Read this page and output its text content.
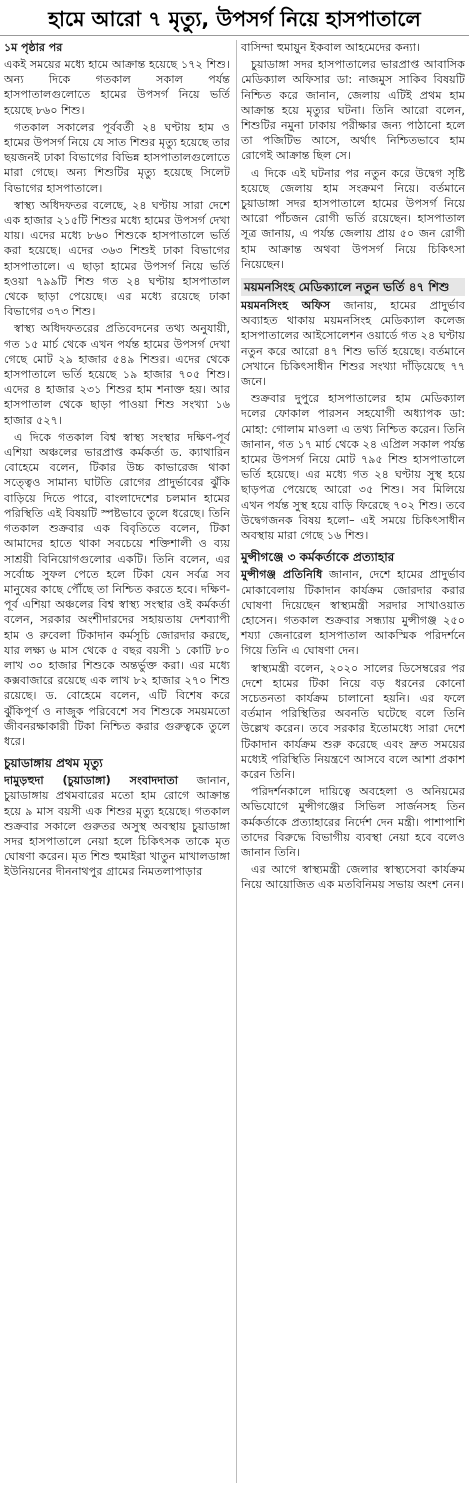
হামে আরো ৭ মৃত্যু, উপসর্গ নিয়ে হাসপাতালে
১ম পৃষ্ঠার পর

একই সময়ের মধ্যে হামে আক্রান্ত হয়েছে ১৭২ শিশু। অন্য দিকে গতকাল সকাল পর্যন্ত হাসপাতালগুলোতে হামের উপসর্গ নিয়ে ভর্তি হয়েছে ৮৬০ শিশু।

গতকাল সকালের পূর্ববর্তী ২৪ ঘণ্টায় হাম ও হামের উপসর্গ নিয়ে যে সাত শিশুর মৃত্যু হয়েছে তার ছয়জনই ঢাকা বিভাগের বিভিন্ন হাসপাতালগুলোতে মারা গেছে। অন্য শিশুটির মৃত্যু হয়েছে সিলেট বিভাগের হাসপাতালে।

স্বাস্থ্য অধিদফতর বলেছে, ২৪ ঘণ্টায় সারা দেশে এক হাজার ২১৫টি শিশুর মধ্যে হামের উপসর্গ দেখা যায়। এদের মধ্যে ৮৬০ শিশুকে হাসপাতালে ভর্তি করা হয়েছে। এদের ৩৬৩ শিশুই ঢাকা বিভাগের হাসপাতালে। এ ছাড়া হামের উপসর্গ নিয়ে ভর্তি হওয়া ৭৯৯টি শিশু গত ২৪ ঘণ্টায় হাসপাতাল থেকে ছাড়া পেয়েছে। এর মধ্যে রয়েছে ঢাকা বিভাগের ৩৭৩ শিশু।

স্বাস্থ্য অধিদফতরের প্রতিবেদনের তথ্য অনুযায়ী, গত ১৫ মার্চ থেকে এখন পর্যন্ত হামের উপসর্গ দেখা গেছে মোট ২৯ হাজার ৫৪৯ শিশুর। এদের থেকে হাসপাতালে ভর্তি হয়েছে ১৯ হাজার ৭০৫ শিশু। এদের ৪ হাজার ২৩১ শিশুর হাম শনাক্ত হয়। আর হাসপাতাল থেকে ছাড়া পাওয়া শিশু সংখ্যা ১৬ হাজার ৫২৭।

এ দিকে গতকাল বিশ্ব স্বাস্থ্য সংস্থার দক্ষিণ-পূর্ব এশিয়া অঞ্চলের ভারপ্রাপ্ত কর্মকর্তা ড. ক্যাথারিন বোহেমে বলেন, টিকার উচ্চ কাভারেজ থাকা সত্ত্বেও সামান্য ঘাটতি রোগের প্রাদুর্ভাবের ঝুঁকি বাড়িয়ে দিতে পারে, বাংলাদেশের চলমান হামের পরিস্থিতি এই বিষয়টি স্পষ্টভাবে তুলে ধরেছে। তিনি গতকাল শুক্রবার এক বিবৃতিতে বলেন, টিকা আমাদের হাতে থাকা সবচেয়ে শক্তিশালী ও ব্যয় সাশ্রয়ী বিনিয়োগগুলোর একটি। তিনি বলেন, এর সর্বোচ্চ সুফল পেতে হলে টিকা যেন সর্বত্র সব মানুষের কাছে পৌঁছে তা নিশ্চিত করতে হবে। দক্ষিণ-পূর্ব এশিয়া অঞ্চলের বিশ্ব স্বাস্থ্য সংস্থার ওই কর্মকর্তা বলেন, সরকার অংশীদারদের সহায়তায় দেশব্যাপী হাম ও রুবেলা টিকাদান কর্মসূচি জোরদার করছে, যার লক্ষ্য ৬ মাস থেকে ৫ বছর বয়সী ১ কোটি ৮০ লাখ ৩০ হাজার শিশুকে অন্তর্ভুক্ত করা। এর মধ্যে কক্সবাজারে রয়েছে এক লাখ ৮২ হাজার ২৭০ শিশু রয়েছে। ড. বোহেমে বলেন, এটি বিশেষ করে ঝুঁকিপূর্ণ ও নাজুক পরিবেশে সব শিশুকে সময়মতো জীবনরক্ষাকারী টিকা নিশ্চিত করার গুরুত্বকে তুলে ধরে।

চুয়াডাঙ্গায় প্রথম মৃত্যু

দামুড়হুদা (চুয়াডাঙ্গা) সংবাদদাতা জানান, চুয়াডাঙ্গায় প্রথমবারের মতো হাম রোগে আক্রান্ত হয়ে ৯ মাস বয়সী এক শিশুর মৃত্যু হয়েছে। গতকাল শুক্রবার সকালে গুরুতর অসুস্থ অবস্থায় চুয়াডাঙ্গা সদর হাসপাতালে নেয়া হলে চিকিৎসক তাকে মৃত ঘোষণা করেন। মৃত শিশু হুমাইরা খাতুন মাখালডাঙ্গা ইউনিয়নের দীননাথপুর গ্রামের নিমতলাপাড়ার

বাসিন্দা হুমায়ুন ইকবাল আহমেদের কন্যা।

চুয়াডাঙ্গা সদর হাসপাতালের ভারপ্রাপ্ত আবাসিক মেডিক্যাল অফিসার ডা: নাজমুস সাকিব বিষয়টি নিশ্চিত করে জানান, জেলায় এটিই প্রথম হাম আক্রান্ত হয়ে মৃত্যুর ঘটনা। তিনি আরো বলেন, শিশুটির নমুনা ঢাকায় পরীক্ষার জন্য পাঠানো হলে তা পজিটিভ আসে, অর্থাৎ নিশ্চিতভাবে হাম রোগেই আক্রান্ত ছিল সে।

এ দিকে এই ঘটনার পর নতুন করে উদ্বেগ সৃষ্টি হয়েছে জেলায় হাম সংক্রমণ নিয়ে। বর্তমানে চুয়াডাঙ্গা সদর হাসপাতালে হামের উপসর্গ নিয়ে আরো পাঁচজন রোগী ভর্তি রয়েছেন। হাসপাতাল সূত্র জানায়, এ পর্যন্ত জেলায় প্রায় ৫০ জন রোগী হাম আক্রান্ত অথবা উপসর্গ নিয়ে চিকিৎসা নিয়েছেন।

ময়মনসিংহ মেডিক্যালে নতুন ভর্তি ৪৭ শিশু

ময়মনসিংহ অফিস জানায়, হামের প্রাদুর্ভাব অব্যাহত থাকায় ময়মনসিংহ মেডিক্যাল কলেজ হাসপাতালের আইসোলেশন ওয়ার্ডে গত ২৪ ঘণ্টায় নতুন করে আরো ৪৭ শিশু ভর্তি হয়েছে। বর্তমানে সেখানে চিকিৎসাধীন শিশুর সংখ্যা দাঁড়িয়েছে ৭৭ জনে।

শুক্রবার দুপুরে হাসপাতালের হাম মেডিক্যাল দলের ফোকাল পারসন সহযোগী অধ্যাপক ডা: মোহা: গোলাম মাওলা এ তথ্য নিশ্চিত করেন। তিনি জানান, গত ১৭ মার্চ থেকে ২৪ এপ্রিল সকাল পর্যন্ত হামের উপসর্গ নিয়ে মোট ৭৯৫ শিশু হাসপাতালে ভর্তি হয়েছে। এর মধ্যে গত ২৪ ঘণ্টায় সুস্থ হয়ে ছাড়পত্র পেয়েছে আরো ৩৫ শিশু। সব মিলিয়ে এখন পর্যন্ত সুস্থ হয়ে বাড়ি ফিরেছে ৭০২ শিশু। তবে উদ্বেগজনক বিষয় হলো– এই সময়ে চিকিৎসাধীন অবস্থায় মারা গেছে ১৬ শিশু।

মুন্সীগঞ্জে ৩ কর্মকর্তাকে প্রত্যাহার

মুন্সীগঞ্জ প্রতিনিধি জানান, দেশে হামের প্রাদুর্ভাব মোকাবেলায় টিকাদান কার্যক্রম জোরদার করার ঘোষণা দিয়েছেন স্বাস্থ্যমন্ত্রী সরদার সাখাওয়াত হোসেন। গতকাল শুক্রবার সন্ধ্যায় মুন্সীগঞ্জ ২৫০ শয্যা জেনারেল হাসপাতাল আকস্মিক পরিদর্শনে গিয়ে তিনি এ ঘোষণা দেন।

স্বাস্থ্যমন্ত্রী বলেন, ২০২০ সালের ডিসেম্বরের পর দেশে হামের টিকা নিয়ে বড় ধরনের কোনো সচেতনতা কার্যক্রম চালানো হয়নি। এর ফলে বর্তমান পরিস্থিতির অবনতি ঘটেছে বলে তিনি উল্লেখ করেন। তবে সরকার ইতোমধ্যে সারা দেশে টিকাদান কার্যক্রম শুরু করেছে এবং দ্রুত সময়ের মধ্যেই পরিস্থিতি নিয়ন্ত্রণে আসবে বলে আশা প্রকাশ করেন তিনি।

পরিদর্শনকালে দায়িত্বে অবহেলা ও অনিয়মের অভিযোগে মুন্সীগঞ্জের সিভিল সার্জনসহ তিন কর্মকর্তাকে প্রত্যাহারের নির্দেশ দেন মন্ত্রী। পাশাপাশি তাদের বিরুদ্ধে বিভাগীয় ব্যবস্থা নেয়া হবে বলেও জানান তিনি।

এর আগে স্বাস্থ্যমন্ত্রী জেলার স্বাস্থ্যসেবা কার্যক্রম নিয়ে আয়োজিত এক মতবিনিময় সভায় অংশ নেন।
